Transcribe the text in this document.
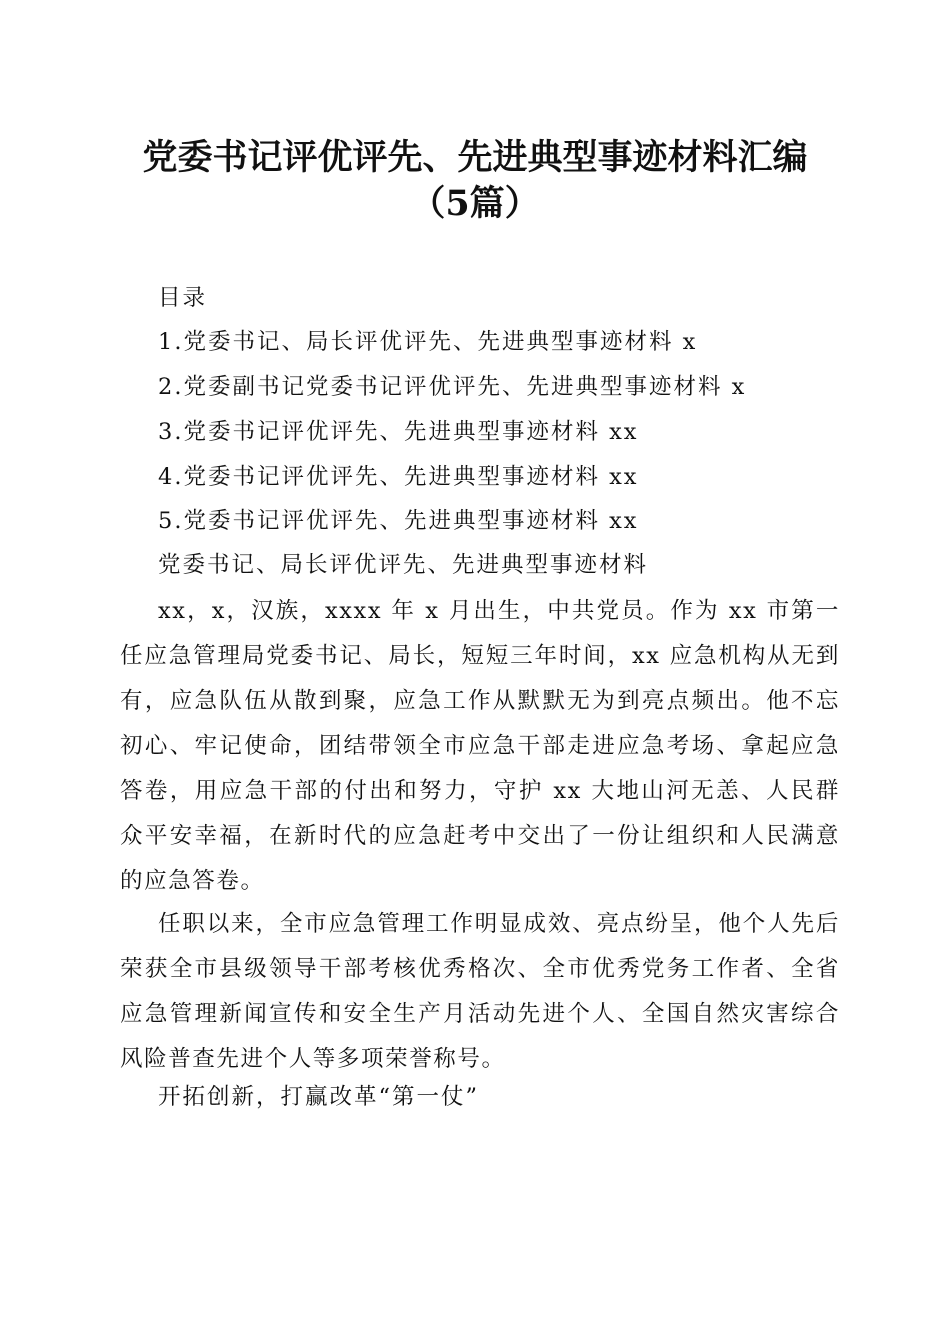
党委书记评优评先、先进典型事迹材料汇编
（5篇）
目录
1.党委书记、局长评优评先、先进典型事迹材料 x
2.党委副书记党委书记评优评先、先进典型事迹材料 x
3.党委书记评优评先、先进典型事迹材料 xx
4.党委书记评优评先、先进典型事迹材料 xx
5.党委书记评优评先、先进典型事迹材料 xx
党委书记、局长评优评先、先进典型事迹材料
xx，x，汉族，xxxx 年 x 月出生，中共党员。作为 xx 市第一任应急管理局党委书记、局长，短短三年时间，xx 应急机构从无到有，应急队伍从散到聚，应急工作从默默无为到亮点频出。他不忘初心、牢记使命，团结带领全市应急干部走进应急考场、拿起应急答卷，用应急干部的付出和努力，守护 xx 大地山河无恙、人民群众平安幸福，在新时代的应急赶考中交出了一份让组织和人民满意的应急答卷。
任职以来，全市应急管理工作明显成效、亮点纷呈，他个人先后荣获全市县级领导干部考核优秀格次、全市优秀党务工作者、全省应急管理新闻宣传和安全生产月活动先进个人、全国自然灾害综合风险普查先进个人等多项荣誉称号。
开拓创新，打赢改革“第一仗”
